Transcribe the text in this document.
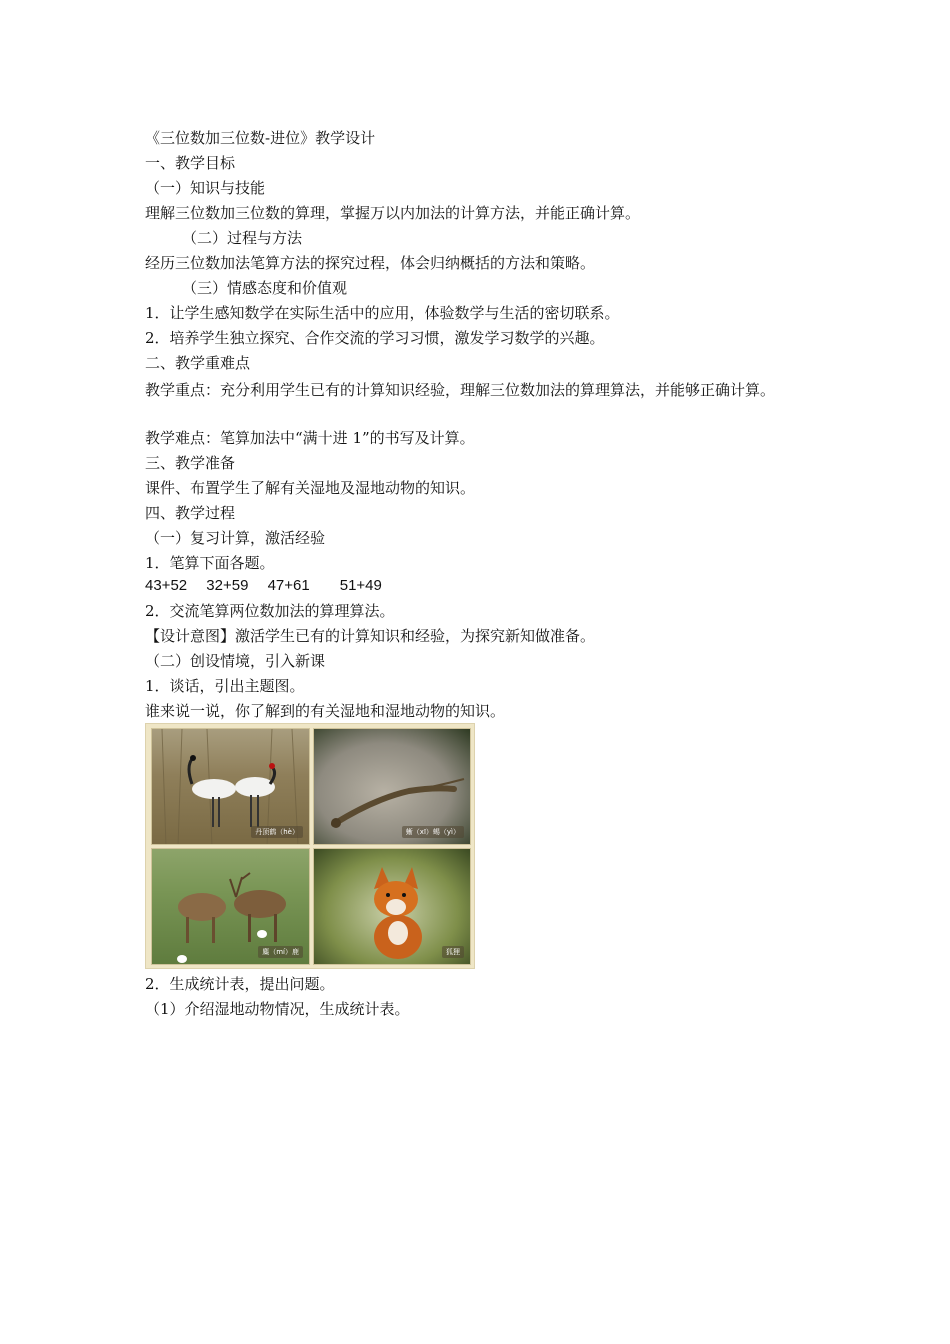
《三位数加三位数-进位》教学设计
一、教学目标
（一）知识与技能
理解三位数加三位数的算理，掌握万以内加法的计算方法，并能正确计算。
（二）过程与方法
经历三位数加法笔算方法的探究过程，体会归纳概括的方法和策略。
（三）情感态度和价值观
1．让学生感知数学在实际生活中的应用，体验数学与生活的密切联系。
2．培养学生独立探究、合作交流的学习习惯，激发学习数学的兴趣。
二、教学重难点
教学重点：充分利用学生已有的计算知识经验，理解三位数加法的算理算法，并能够正确计算。
教学难点：笔算加法中“满十进 1”的书写及计算。
三、教学准备
课件、布置学生了解有关湿地及湿地动物的知识。
四、教学过程
（一）复习计算，激活经验
1．笔算下面各题。
43+52　 32+59　 47+61　　51+49
2．交流笔算两位数加法的算理算法。
【设计意图】激活学生已有的计算知识和经验，为探究新知做准备。
（二）创设情境，引入新课
1．谈话，引出主题图。
谁来说一说，你了解到的有关湿地和湿地动物的知识。
丹顶鹤（hè）	蜥（xī）蜴（yì）
麋（mí）鹿	狐狸
2．生成统计表，提出问题。
（1）介绍湿地动物情况，生成统计表。
